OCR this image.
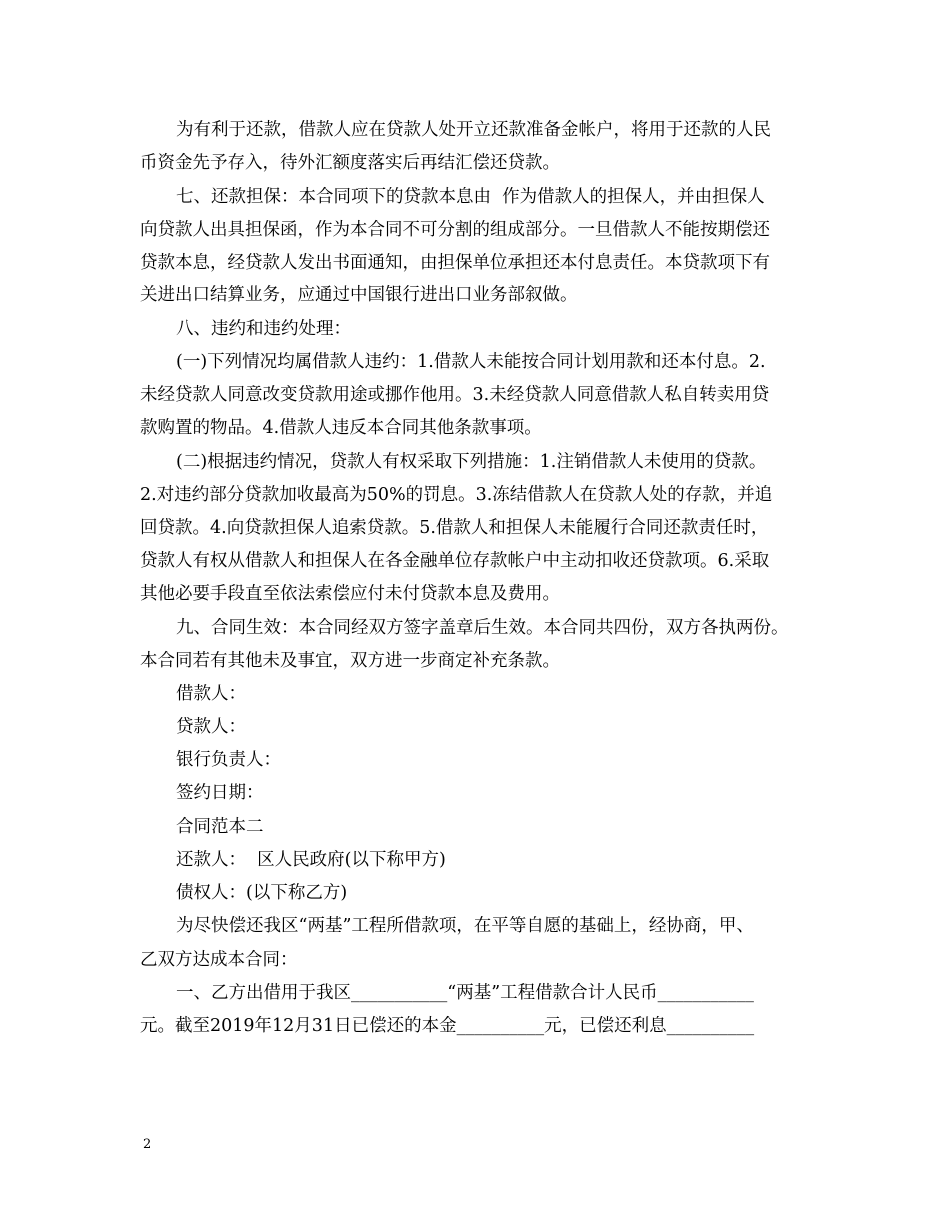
为有利于还款，借款人应在贷款人处开立还款准备金帐户，将用于还款的人民

币资金先予存入，待外汇额度落实后再结汇偿还贷款。

七、还款担保：本合同项下的贷款本息由  作为借款人的担保人，并由担保人

向贷款人出具担保函，作为本合同不可分割的组成部分。一旦借款人不能按期偿还

贷款本息，经贷款人发出书面通知，由担保单位承担还本付息责任。本贷款项下有

关进出口结算业务，应通过中国银行进出口业务部叙做。

八、违约和违约处理：

(一)下列情况均属借款人违约：1.借款人未能按合同计划用款和还本付息。2.

未经贷款人同意改变贷款用途或挪作他用。3.未经贷款人同意借款人私自转卖用贷

款购置的物品。4.借款人违反本合同其他条款事项。

(二)根据违约情况，贷款人有权采取下列措施：1.注销借款人未使用的贷款。

2.对违约部分贷款加收最高为50%的罚息。3.冻结借款人在贷款人处的存款，并追

回贷款。4.向贷款担保人追索贷款。5.借款人和担保人未能履行合同还款责任时，

贷款人有权从借款人和担保人在各金融单位存款帐户中主动扣收还贷款项。6.采取

其他必要手段直至依法索偿应付未付贷款本息及费用。

九、合同生效：本合同经双方签字盖章后生效。本合同共四份，双方各执两份。

本合同若有其他未及事宜，双方进一步商定补充条款。

借款人：

贷款人：

银行负责人：

签约日期：

合同范本二

还款人：  区人民政府(以下称甲方)

债权人：(以下称乙方)

为尽快偿还我区“两基”工程所借款项，在平等自愿的基础上，经协商，甲、

乙双方达成本合同：

一、乙方出借用于我区___________“两基”工程借款合计人民币___________

元。截至2019年12月31日已偿还的本金__________元，已偿还利息__________

2
